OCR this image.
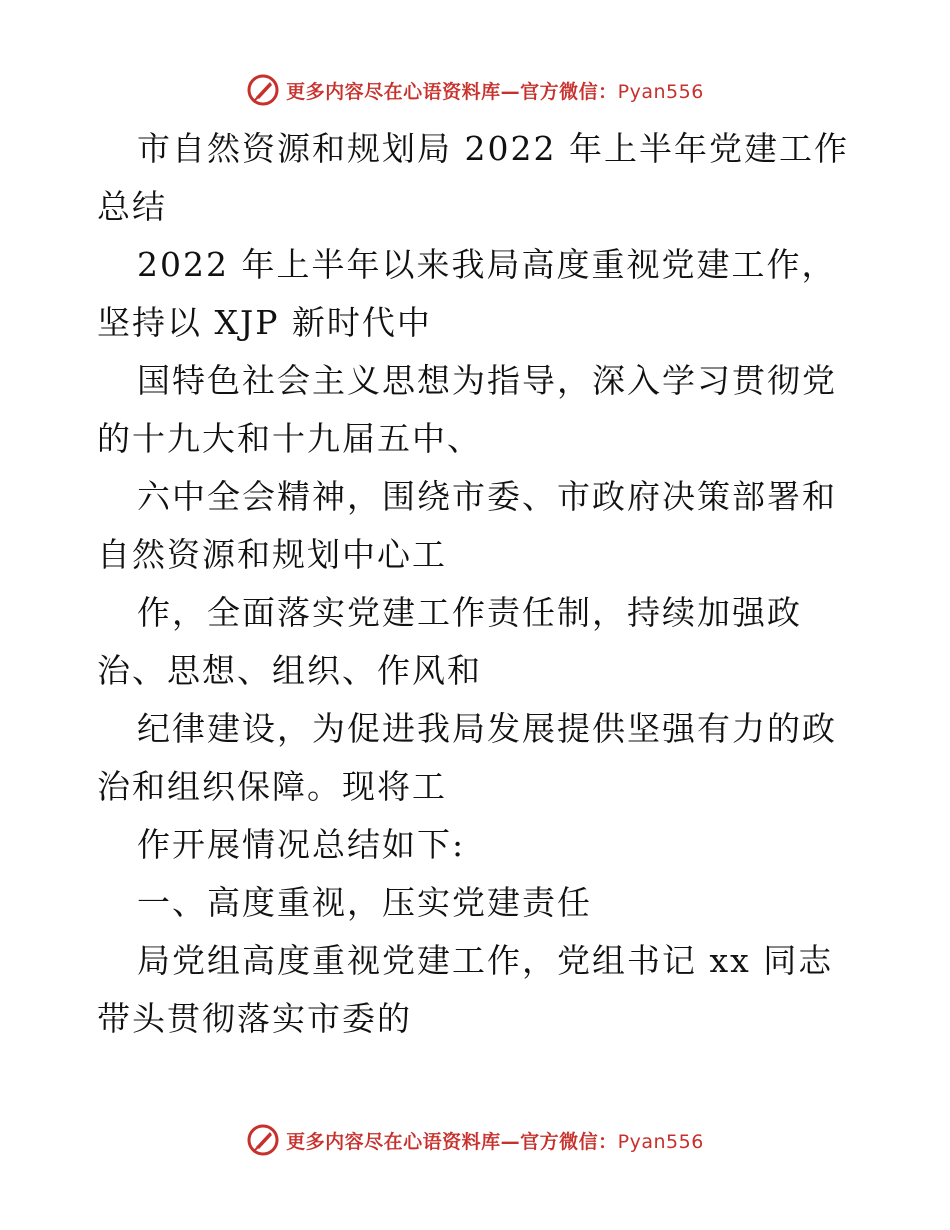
更多内容尽在心语资料库—官方微信：Pyan556

市自然资源和规划局 2022 年上半年党建工作总结

2022 年上半年以来我局高度重视党建工作，坚持以 XJP 新时代中

国特色社会主义思想为指导，深入学习贯彻党的十九大和十九届五中、

六中全会精神，围绕市委、市政府决策部署和自然资源和规划中心工

作，全面落实党建工作责任制，持续加强政治、思想、组织、作风和

纪律建设，为促进我局发展提供坚强有力的政治和组织保障。现将工

作开展情况总结如下:

一、高度重视，压实党建责任

局党组高度重视党建工作，党组书记 xx 同志带头贯彻落实市委的

更多内容尽在心语资料库—官方微信：Pyan556
